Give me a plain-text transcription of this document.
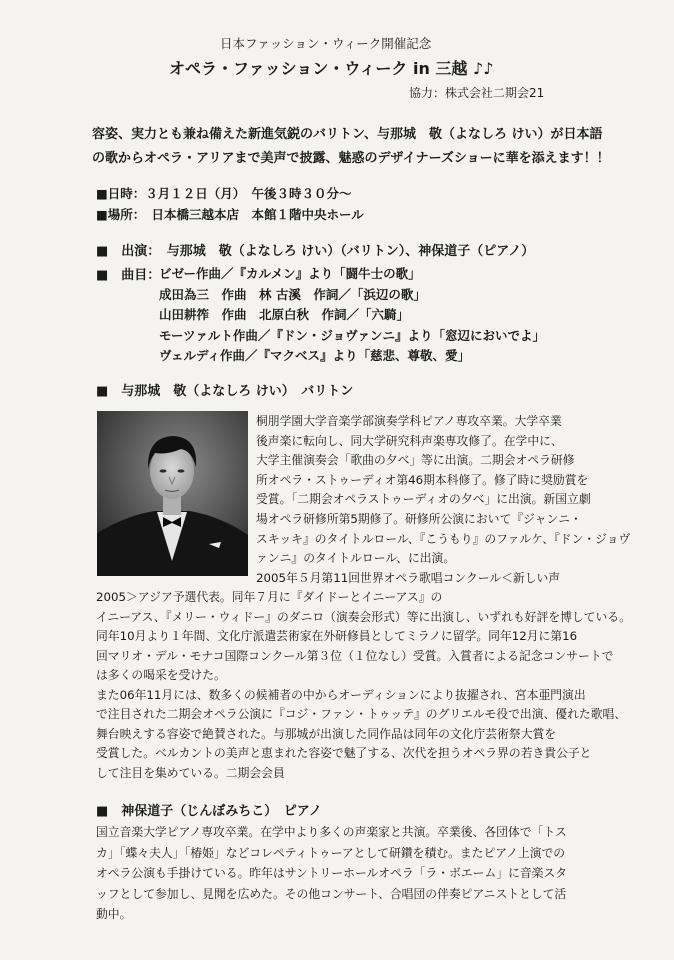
日本ファッション・ウィーク開催記念
オペラ・ファッション・ウィーク in 三越 ♪♪
協力：株式会社二期会21
容姿、実力とも兼ね備えた新進気鋭のバリトン、与那城　敬（よなしろ けい）が日本語
の歌からオペラ・アリアまで美声で披露、魅惑のデザイナーズショーに華を添えます！！
■日時：３月１２日（月）　午後３時３０分～
■場所：　日本橋三越本店　本館１階中央ホール
■　出演：　与那城　敬（よなしろ けい）（バリトン）、神保道子（ピアノ）
■　曲目：
ビゼー作曲／『カルメン』より「闘牛士の歌」
成田為三　作曲　林 古溪　作詞／「浜辺の歌」
山田耕筰　作曲　北原白秋　作詞／「六騎」
モーツァルト作曲／『ドン・ジョヴァンニ』より「窓辺においでよ」
ヴェルディ作曲／『マクベス』より「慈悲、尊敬、愛」
■　与那城　敬（よなしろ けい）　バリトン
桐朋学園大学音楽学部演奏学科ピアノ専攻卒業。大学卒業
後声楽に転向し、同大学研究科声楽専攻修了。在学中に、
大学主催演奏会「歌曲の夕べ」等に出演。二期会オペラ研修
所オペラ・ストゥーディオ第46期本科修了。修了時に奨励賞を
受賞。「二期会オペラストゥーディオの夕べ」に出演。新国立劇
場オペラ研修所第5期修了。研修所公演において『ジャンニ・
スキッキ』のタイトルロール、『こうもり』のファルケ、『ドン・ジョヴ
ァンニ』のタイトルロール、に出演。
2005年５月第11回世界オペラ歌唱コンクール＜新しい声
2005＞アジア予選代表。同年７月に『ダイドーとイニーアス』の
イニーアス、『メリー・ウィドー』のダニロ（演奏会形式）等に出演し、いずれも好評を博している。
同年10月より１年間、文化庁派遣芸術家在外研修員としてミラノに留学。同年12月に第16
回マリオ・デル・モナコ国際コンクール第３位（１位なし）受賞。入賞者による記念コンサートで
は多くの喝采を受けた。
また06年11月には、数多くの候補者の中からオーディションにより抜擢され、宮本亜門演出
で注目された二期会オペラ公演に『コジ・ファン・トゥッテ』のグリエルモ役で出演、優れた歌唱、
舞台映えする容姿で絶賛された。与那城が出演した同作品は同年の文化庁芸術祭大賞を
受賞した。ベルカントの美声と恵まれた容姿で魅了する、次代を担うオペラ界の若き貴公子と
して注目を集めている。二期会会員
■　神保道子（じんぼみちこ）　ピアノ
国立音楽大学ピアノ専攻卒業。在学中より多くの声楽家と共演。卒業後、各団体で「トス
カ」「蝶々夫人」「椿姫」などコレペティトゥーアとして研鑽を積む。またピアノ上演での
オペラ公演も手掛けている。昨年はサントリーホールオペラ「ラ・ボエーム」に音楽スタ
ッフとして参加し、見聞を広めた。その他コンサート、合唱団の伴奏ピアニストとして活
動中。
